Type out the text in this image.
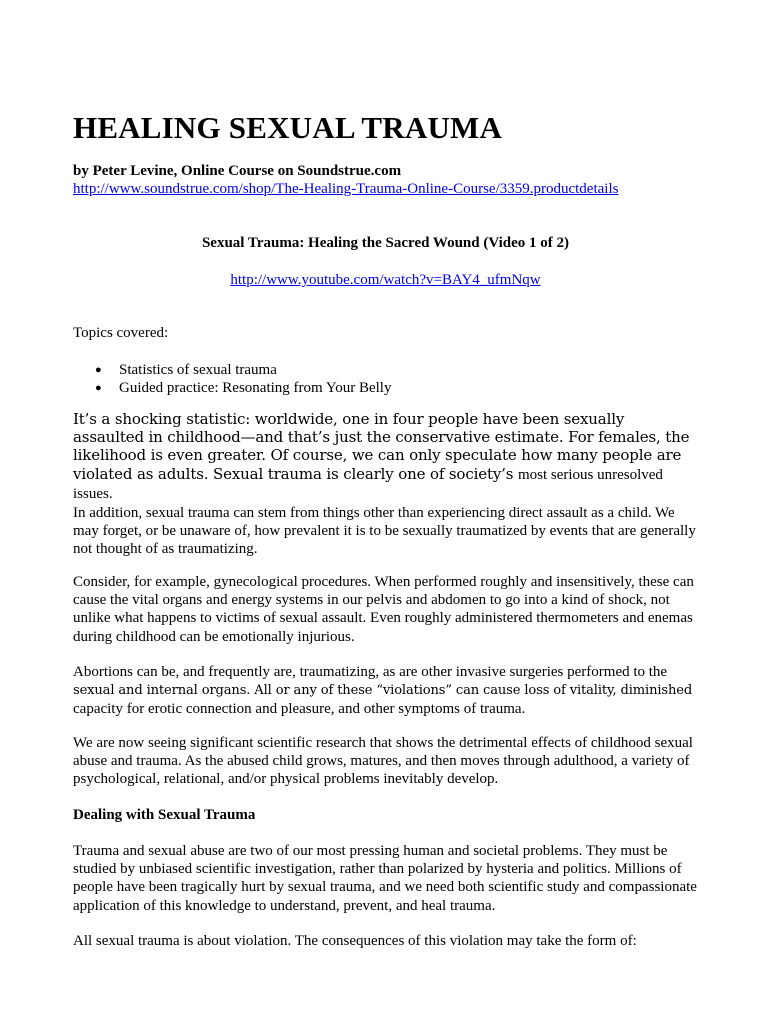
HEALING SEXUAL TRAUMA
by Peter Levine, Online Course on Soundstrue.com
http://www.soundstrue.com/shop/The-Healing-Trauma-Online-Course/3359.productdetails
Sexual Trauma: Healing the Sacred Wound (Video 1 of 2)
http://www.youtube.com/watch?v=BAY4_ufmNqw
Topics covered:
● Statistics of sexual trauma
● Guided practice: Resonating from Your Belly

It’s a shocking statistic: worldwide, one in four people have been sexually assaulted in childhood—and that’s just the conservative estimate. For females, the likelihood is even greater. Of course, we can only speculate how many people are violated as adults. Sexual trauma is clearly one of society’s most serious unresolved issues.

In addition, sexual trauma can stem from things other than experiencing direct assault as a child. We may forget, or be unaware of, how prevalent it is to be sexually traumatized by events that are generally not thought of as traumatizing.

Consider, for example, gynecological procedures. When performed roughly and insensitively, these can cause the vital organs and energy systems in our pelvis and abdomen to go into a kind of shock, not unlike what happens to victims of sexual assault. Even roughly administered thermometers and enemas during childhood can be emotionally injurious.

Abortions can be, and frequently are, traumatizing, as are other invasive surgeries performed to the sexual and internal organs. All or any of these “violations” can cause loss of vitality, diminished capacity for erotic connection and pleasure, and other symptoms of trauma.

We are now seeing significant scientific research that shows the detrimental effects of childhood sexual abuse and trauma. As the abused child grows, matures, and then moves through adulthood, a variety of psychological, relational, and/or physical problems inevitably develop.

Dealing with Sexual Trauma

Trauma and sexual abuse are two of our most pressing human and societal problems. They must be studied by unbiased scientific investigation, rather than polarized by hysteria and politics. Millions of people have been tragically hurt by sexual trauma, and we need both scientific study and compassionate application of this knowledge to understand, prevent, and heal trauma.

All sexual trauma is about violation. The consequences of this violation may take the form of:
